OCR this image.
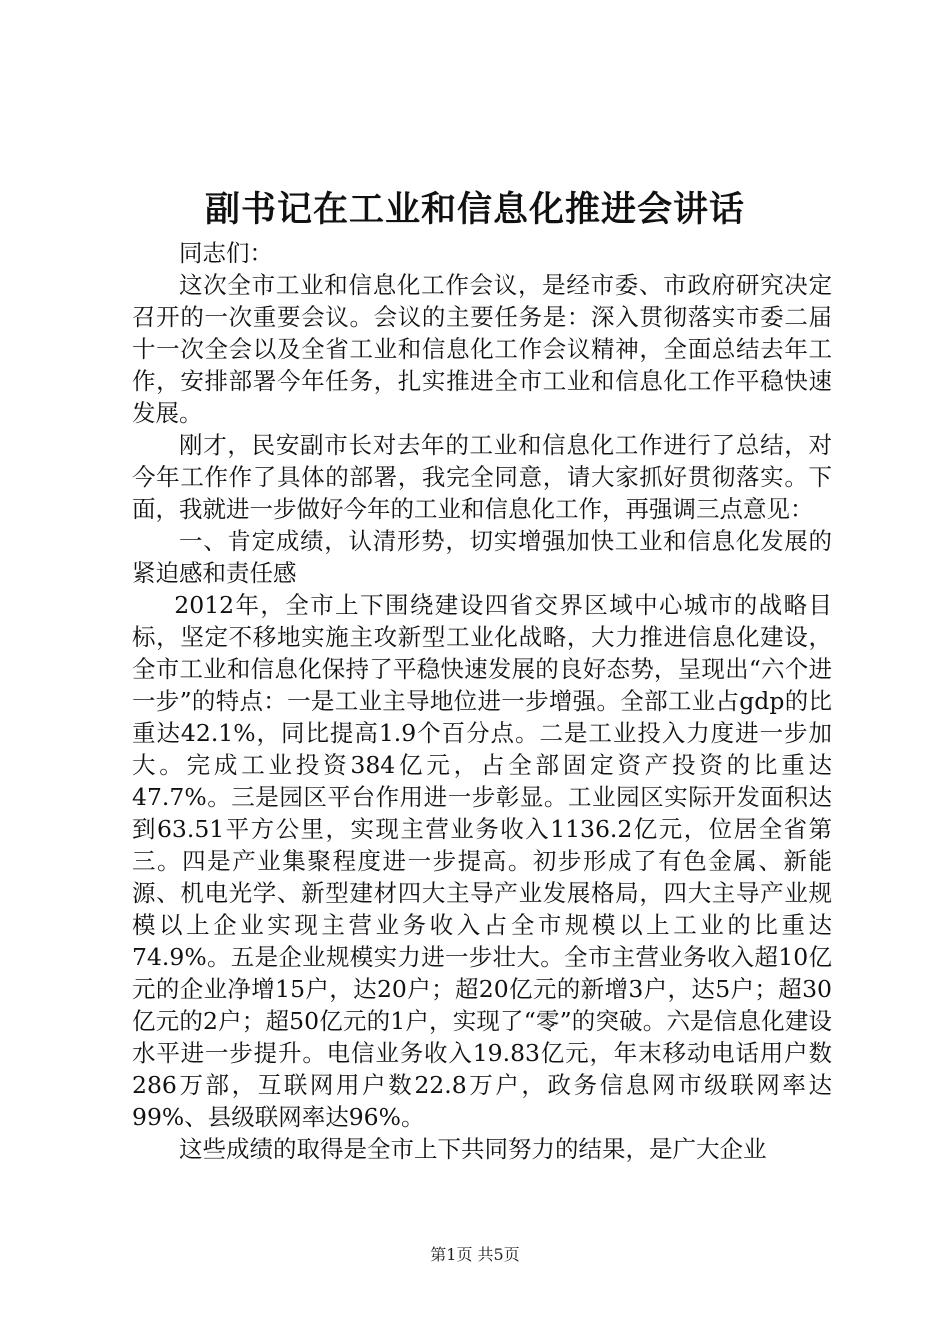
副书记在工业和信息化推进会讲话

同志们：

这次全市工业和信息化工作会议，是经市委、市政府研究决定召开的一次重要会议。会议的主要任务是：深入贯彻落实市委二届十一次全会以及全省工业和信息化工作会议精神，全面总结去年工作，安排部署今年任务，扎实推进全市工业和信息化工作平稳快速发展。

刚才，民安副市长对去年的工业和信息化工作进行了总结，对今年工作作了具体的部署，我完全同意，请大家抓好贯彻落实。下面，我就进一步做好今年的工业和信息化工作，再强调三点意见：

一、肯定成绩，认清形势，切实增强加快工业和信息化发展的紧迫感和责任感

2012年，全市上下围绕建设四省交界区域中心城市的战略目标，坚定不移地实施主攻新型工业化战略，大力推进信息化建设，全市工业和信息化保持了平稳快速发展的良好态势，呈现出“六个进一步”的特点：一是工业主导地位进一步增强。全部工业占gdp的比重达42.1%，同比提高1.9个百分点。二是工业投入力度进一步加大。完成工业投资384亿元，占全部固定资产投资的比重达47.7%。三是园区平台作用进一步彰显。工业园区实际开发面积达到63.51平方公里，实现主营业务收入1136.2亿元，位居全省第三。四是产业集聚程度进一步提高。初步形成了有色金属、新能源、机电光学、新型建材四大主导产业发展格局，四大主导产业规模以上企业实现主营业务收入占全市规模以上工业的比重达74.9%。五是企业规模实力进一步壮大。全市主营业务收入超10亿元的企业净增15户，达20户；超20亿元的新增3户，达5户；超30亿元的2户；超50亿元的1户，实现了“零”的突破。六是信息化建设水平进一步提升。电信业务收入19.83亿元，年末移动电话用户数286万部，互联网用户数22.8万户，政务信息网市级联网率达99%、县级联网率达96%。

这些成绩的取得是全市上下共同努力的结果，是广大企业

第1页 共5页
